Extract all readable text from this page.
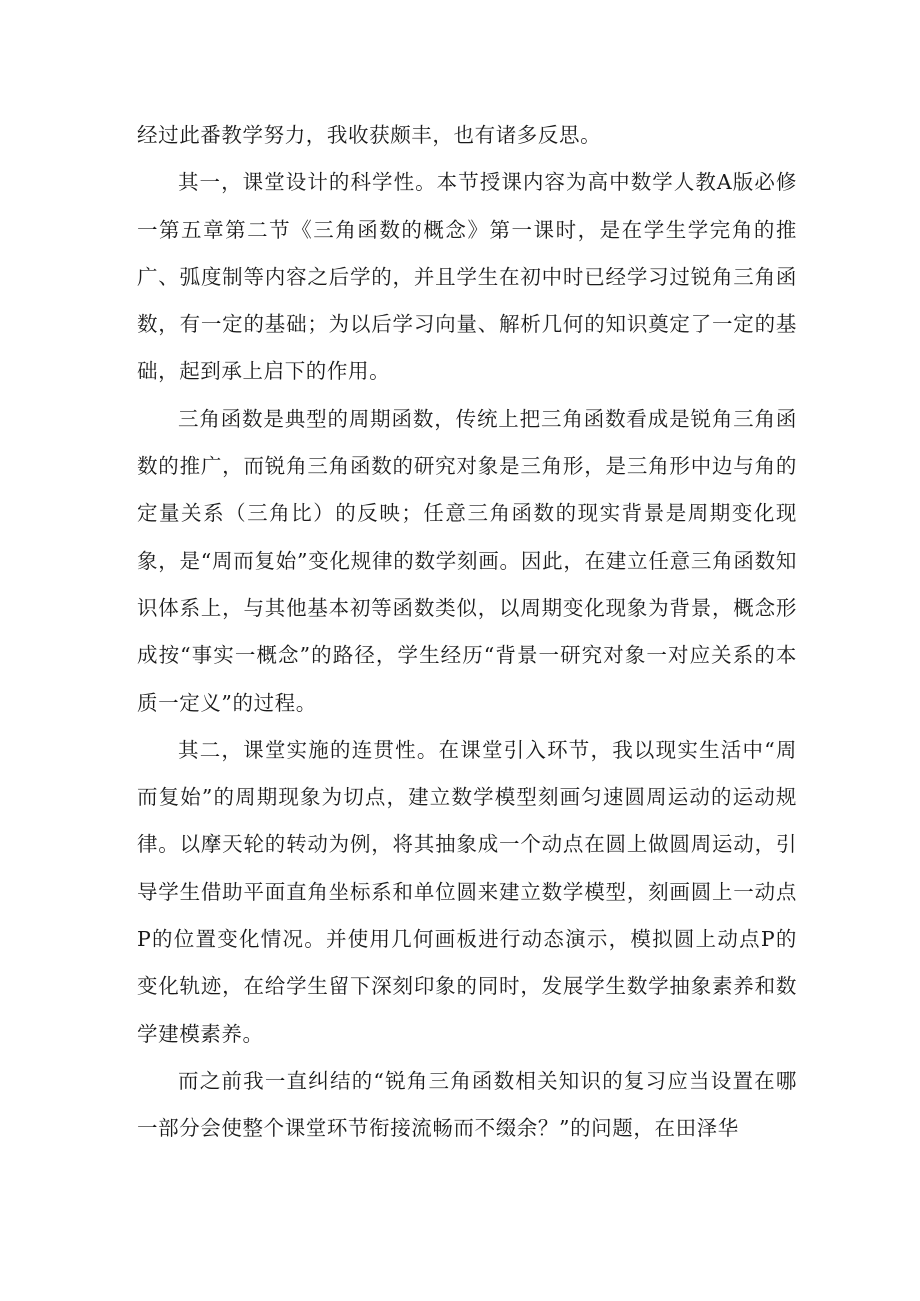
经过此番教学努力，我收获颇丰，也有诸多反思。

其一，课堂设计的科学性。本节授课内容为高中数学人教A版必修一第五章第二节《三角函数的概念》第一课时，是在学生学完角的推广、弧度制等内容之后学的，并且学生在初中时已经学习过锐角三角函数，有一定的基础；为以后学习向量、解析几何的知识奠定了一定的基础，起到承上启下的作用。

三角函数是典型的周期函数，传统上把三角函数看成是锐角三角函数的推广，而锐角三角函数的研究对象是三角形，是三角形中边与角的定量关系（三角比）的反映；任意三角函数的现实背景是周期变化现象，是“周而复始”变化规律的数学刻画。因此，在建立任意三角函数知识体系上，与其他基本初等函数类似，以周期变化现象为背景，概念形成按“事实一概念”的路径，学生经历“背景一研究对象一对应关系的本质一定义”的过程。

其二，课堂实施的连贯性。在课堂引入环节，我以现实生活中“周而复始”的周期现象为切点，建立数学模型刻画匀速圆周运动的运动规律。以摩天轮的转动为例，将其抽象成一个动点在圆上做圆周运动，引导学生借助平面直角坐标系和单位圆来建立数学模型，刻画圆上一动点P的位置变化情况。并使用几何画板进行动态演示，模拟圆上动点P的变化轨迹，在给学生留下深刻印象的同时，发展学生数学抽象素养和数学建模素养。

而之前我一直纠结的“锐角三角函数相关知识的复习应当设置在哪一部分会使整个课堂环节衔接流畅而不缀余？”的问题，在田泽华
